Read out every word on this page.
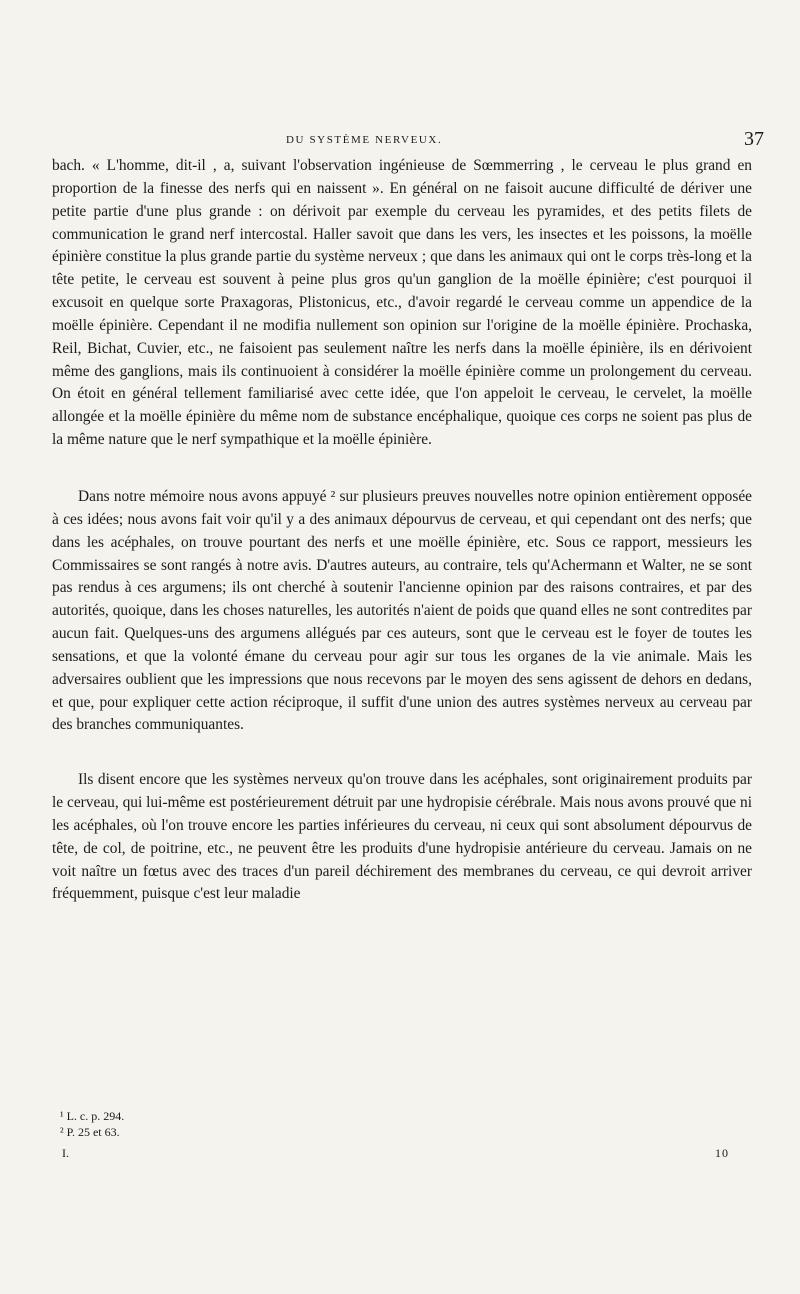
DU SYSTÈME NERVEUX.	37

bach. « L'homme, dit-il , a, suivant l'observation ingénieuse de Sœmmerring , le cerveau le plus grand en proportion de la finesse des nerfs qui en naissent ». En général on ne faisoit aucune difficulté de dériver une petite partie d'une plus grande : on dérivoit par exemple du cerveau les pyramides, et des petits filets de communication le grand nerf intercostal. Haller savoit que dans les vers, les insectes et les poissons, la moëlle épinière constitue la plus grande partie du système nerveux ; que dans les animaux qui ont le corps très-long et la tête petite, le cerveau est souvent à peine plus gros qu'un ganglion de la moëlle épinière; c'est pourquoi il excusoit en quelque sorte Praxagoras, Plistonicus, etc., d'avoir regardé le cerveau comme un appendice de la moëlle épinière. Cependant il ne modifia nullement son opinion sur l'origine de la moëlle épinière. Prochaska, Reil, Bichat, Cuvier, etc., ne faisoient pas seulement naître les nerfs dans la moëlle épinière, ils en dérivoient même des ganglions, mais ils continuoient à considérer la moëlle épinière comme un prolongement du cerveau. On étoit en général tellement familiarisé avec cette idée, que l'on appeloit le cerveau, le cervelet, la moëlle allongée et la moëlle épinière du même nom de substance encéphalique, quoique ces corps ne soient pas plus de la même nature que le nerf sympathique et la moëlle épinière.

Dans notre mémoire nous avons appuyé ² sur plusieurs preuves nouvelles notre opinion entièrement opposée à ces idées; nous avons fait voir qu'il y a des animaux dépourvus de cerveau, et qui cependant ont des nerfs; que dans les acéphales, on trouve pourtant des nerfs et une moëlle épinière, etc. Sous ce rapport, messieurs les Commissaires se sont rangés à notre avis. D'autres auteurs, au contraire, tels qu'Achermann et Walter, ne se sont pas rendus à ces argumens; ils ont cherché à soutenir l'ancienne opinion par des raisons contraires, et par des autorités, quoique, dans les choses naturelles, les autorités n'aient de poids que quand elles ne sont contredites par aucun fait. Quelques-uns des argumens allégués par ces auteurs, sont que le cerveau est le foyer de toutes les sensations, et que la volonté émane du cerveau pour agir sur tous les organes de la vie animale. Mais les adversaires oublient que les impressions que nous recevons par le moyen des sens agissent de dehors en dedans, et que, pour expliquer cette action réciproque, il suffit d'une union des autres systèmes nerveux au cerveau par des branches communiquantes.

Ils disent encore que les systèmes nerveux qu'on trouve dans les acéphales, sont originairement produits par le cerveau, qui lui-même est postérieurement détruit par une hydropisie cérébrale. Mais nous avons prouvé que ni les acéphales, où l'on trouve encore les parties inférieures du cerveau, ni ceux qui sont absolument dépourvus de tête, de col, de poitrine, etc., ne peuvent être les produits d'une hydropisie antérieure du cerveau. Jamais on ne voit naître un fœtus avec des traces d'un pareil déchirement des membranes du cerveau, ce qui devroit arriver fréquemment, puisque c'est leur maladie

¹ L. c. p. 294.
² P. 25 et 63.
I.	10
